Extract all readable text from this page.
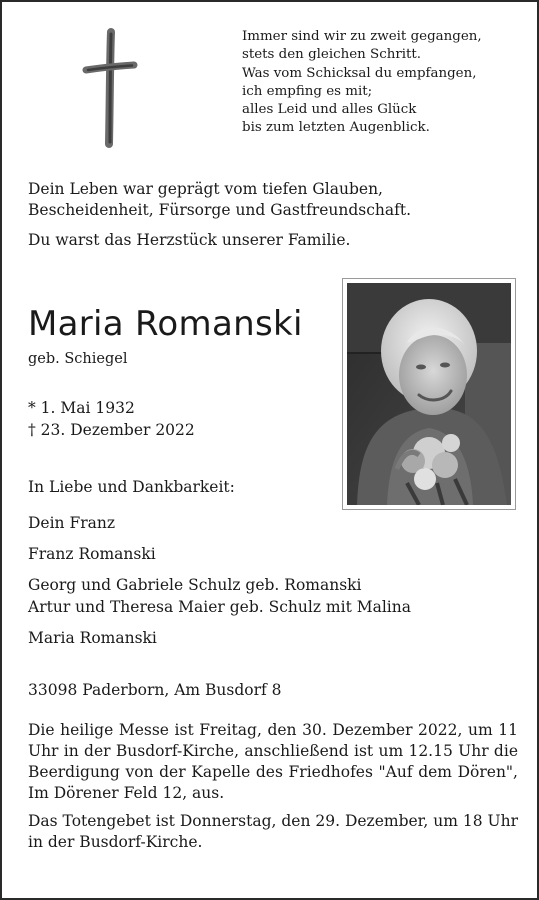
Immer sind wir zu zweit gegangen,
stets den gleichen Schritt.
Was vom Schicksal du empfangen,
ich empfing es mit;
alles Leid und alles Glück
bis zum letzten Augenblick.
Dein Leben war geprägt vom tiefen Glauben,
Bescheidenheit, Fürsorge und Gastfreundschaft.
Du warst das Herzstück unserer Familie.
Maria Romanski
geb. Schiegel
* 1. Mai 1932
† 23. Dezember 2022
In Liebe und Dankbarkeit:
Dein Franz
Franz Romanski
Georg und Gabriele Schulz geb. Romanski
Artur und Theresa Maier geb. Schulz mit Malina
Maria Romanski
33098 Paderborn, Am Busdorf 8
Die heilige Messe ist Freitag, den 30. Dezember 2022, um 11 Uhr in der Busdorf-Kirche, anschließend ist um 12.15 Uhr die Beerdigung von der Kapelle des Friedhofes "Auf dem Dören", Im Dörener Feld 12, aus.
Das Totengebet ist Donnerstag, den 29. Dezember, um 18 Uhr in der Busdorf-Kirche.
